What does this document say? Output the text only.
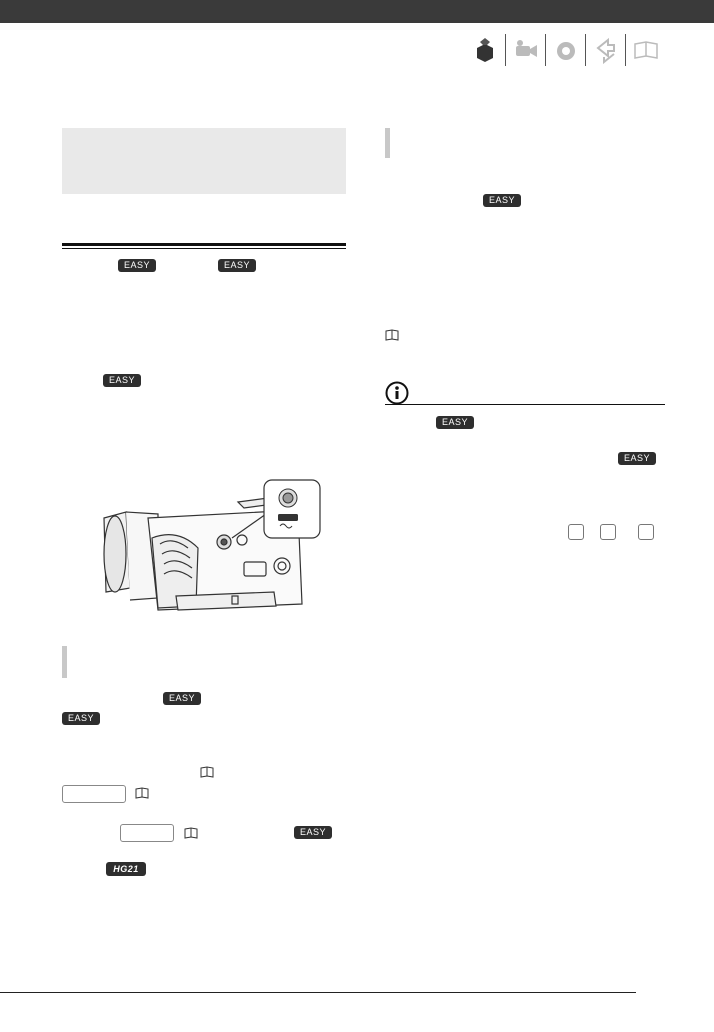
EASY	EASY
EASY
EASY
EASY
EASY
HG21
EASY
EASY
EASY
